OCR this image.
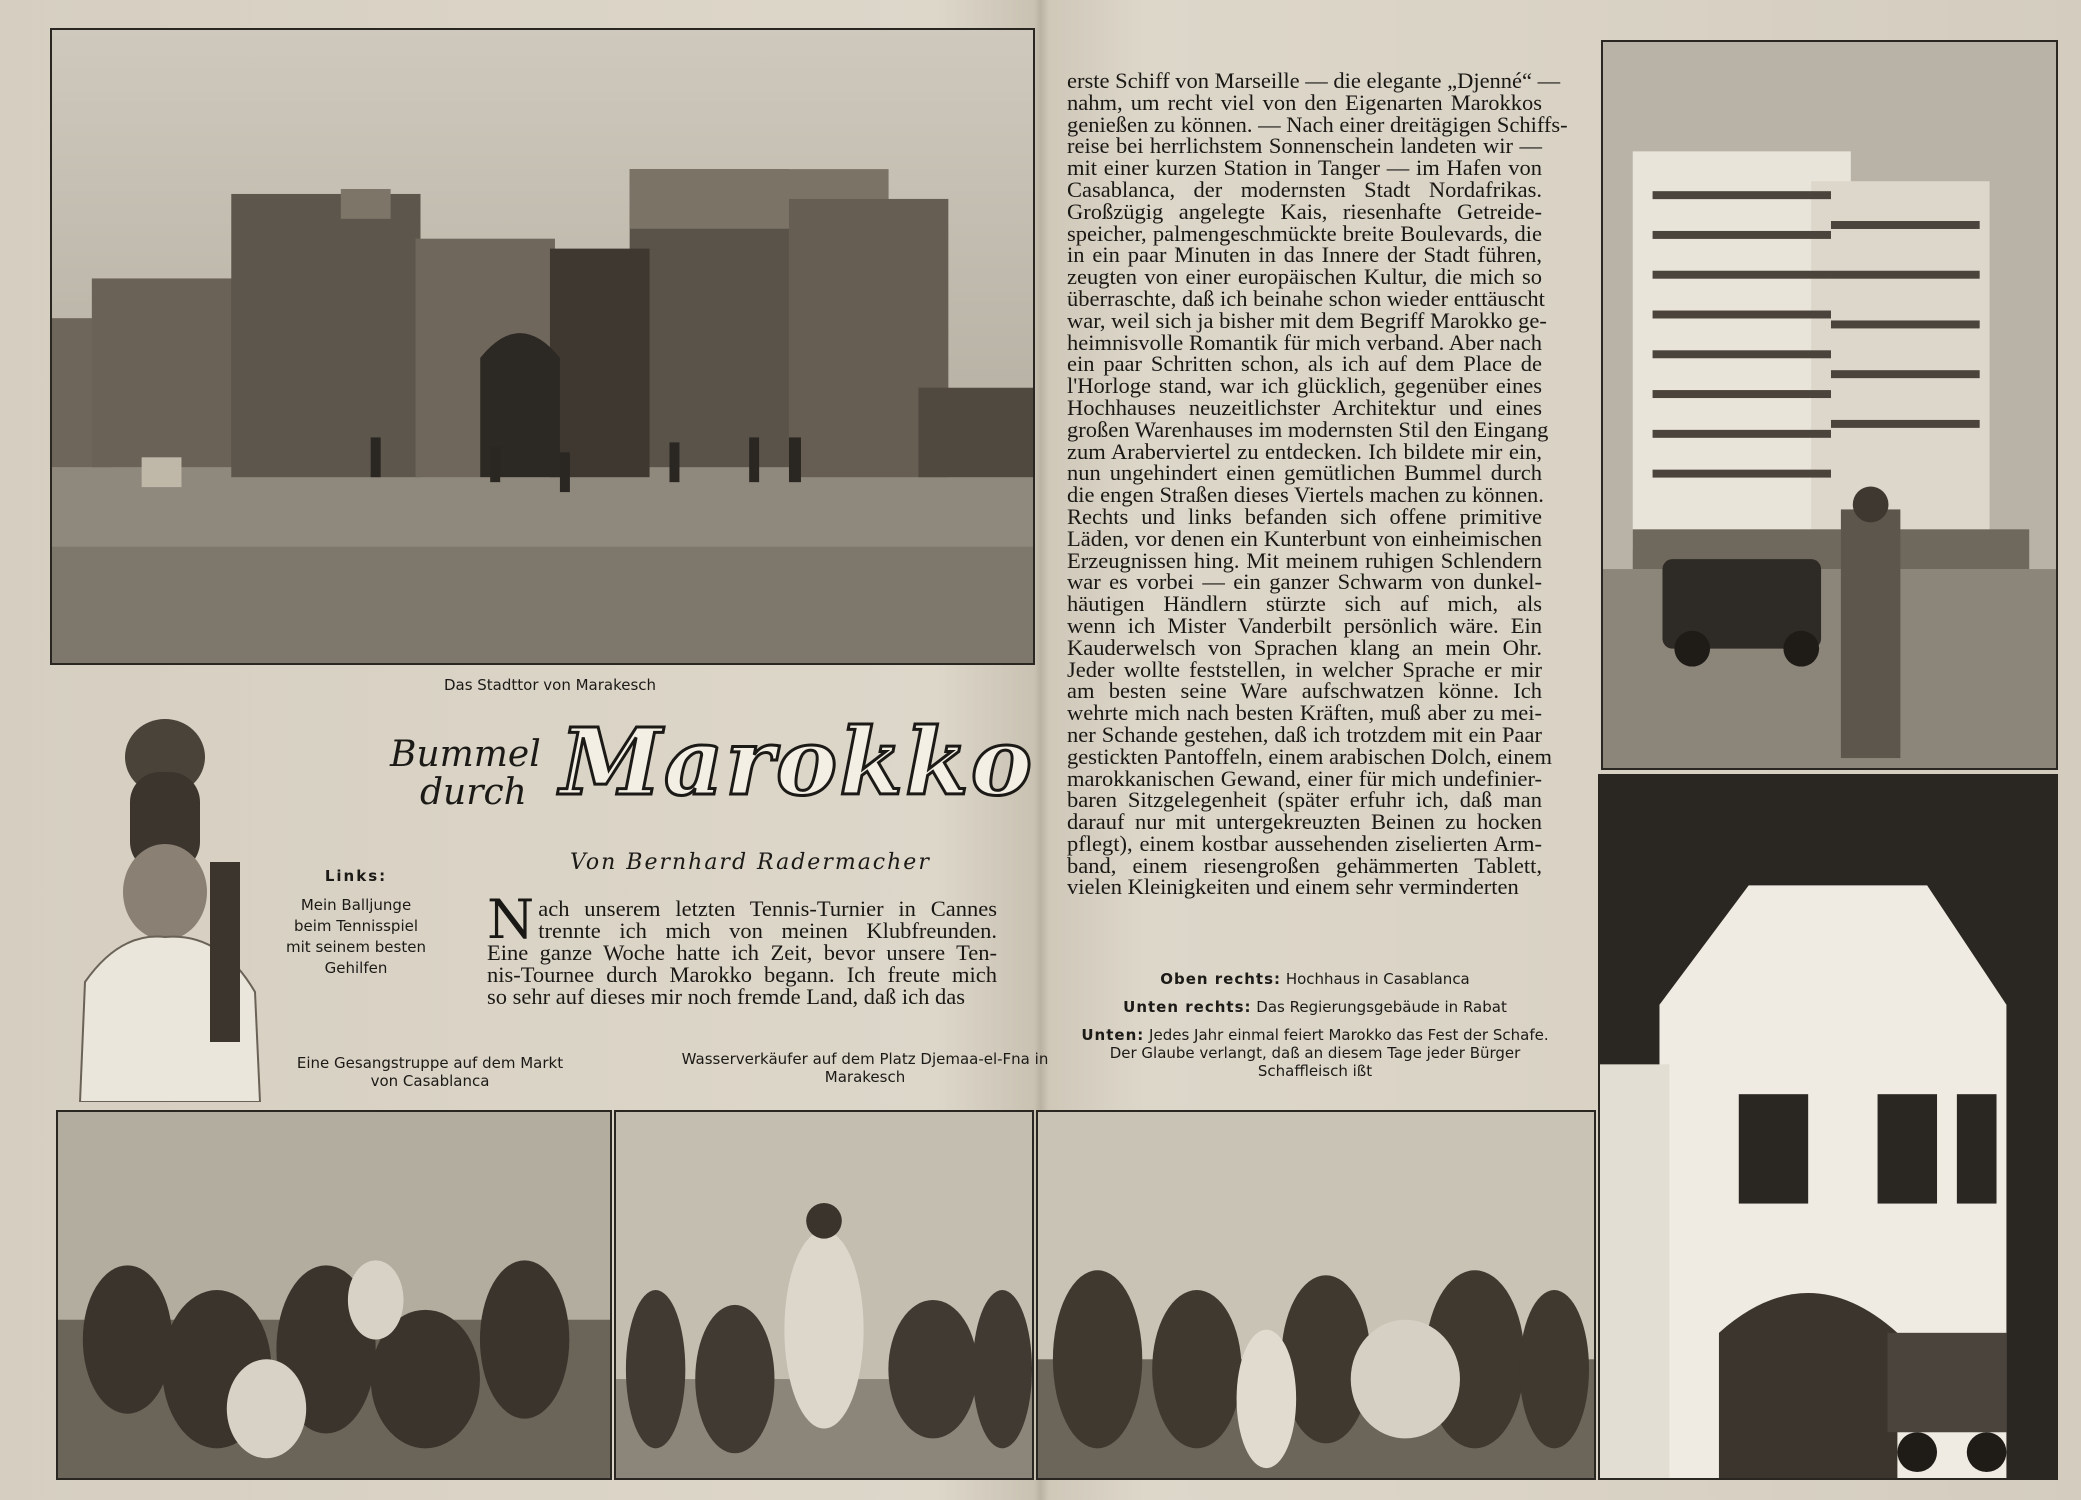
Das Stadttor von Marakesch
Links:
Mein Balljunge beim Tennisspiel mit seinem besten Gehilfen
Bummel
durch Marokko
Von Bernhard Radermacher
N ach unserem letzten Tennis-Turnier in Cannes
trennte ich mich von meinen Klubfreunden.
Eine ganze Woche hatte ich Zeit, bevor unsere Ten-
nis-Tournee durch Marokko begann. Ich freute mich
so sehr auf dieses mir noch fremde Land, daß ich das
erste Schiff von Marseille — die elegante „Djenné“ —
nahm, um recht viel von den Eigenarten Marokkos
genießen zu können. — Nach einer dreitägigen Schiffs-
reise bei herrlichstem Sonnenschein landeten wir —
mit einer kurzen Station in Tanger — im Hafen von
Casablanca, der modernsten Stadt Nordafrikas.
Großzügig angelegte Kais, riesenhafte Getreide-
speicher, palmengeschmückte breite Boulevards, die
in ein paar Minuten in das Innere der Stadt führen,
zeugten von einer europäischen Kultur, die mich so
überraschte, daß ich beinahe schon wieder enttäuscht
war, weil sich ja bisher mit dem Begriff Marokko ge-
heimnisvolle Romantik für mich verband. Aber nach
ein paar Schritten schon, als ich auf dem Place de
l'Horloge stand, war ich glücklich, gegenüber eines
Hochhauses neuzeitlichster Architektur und eines
großen Warenhauses im modernsten Stil den Eingang
zum Araberviertel zu entdecken. Ich bildete mir ein,
nun ungehindert einen gemütlichen Bummel durch
die engen Straßen dieses Viertels machen zu können.
Rechts und links befanden sich offene primitive
Läden, vor denen ein Kunterbunt von einheimischen
Erzeugnissen hing. Mit meinem ruhigen Schlendern
war es vorbei — ein ganzer Schwarm von dunkel-
häutigen Händlern stürzte sich auf mich, als
wenn ich Mister Vanderbilt persönlich wäre. Ein
Kauderwelsch von Sprachen klang an mein Ohr.
Jeder wollte feststellen, in welcher Sprache er mir
am besten seine Ware aufschwatzen könne. Ich
wehrte mich nach besten Kräften, muß aber zu mei-
ner Schande gestehen, daß ich trotzdem mit ein Paar
gestickten Pantoffeln, einem arabischen Dolch, einem
marokkanischen Gewand, einer für mich undefinier-
baren Sitzgelegenheit (später erfuhr ich, daß man
darauf nur mit untergekreuzten Beinen zu hocken
pflegt), einem kostbar aussehenden ziselierten Arm-
band, einem riesengroßen gehämmerten Tablett,
vielen Kleinigkeiten und einem sehr verminderten
Oben rechts: Hochhaus in Casablanca
Unten rechts: Das Regierungsgebäude in Rabat
Unten: Jedes Jahr einmal feiert Marokko das Fest der Schafe. Der Glaube verlangt, daß an diesem Tage jeder Bürger Schaffleisch ißt
Eine Gesangstruppe auf dem Markt von Casablanca
Wasserverkäufer auf dem Platz Djemaa-el-Fna in Marakesch
